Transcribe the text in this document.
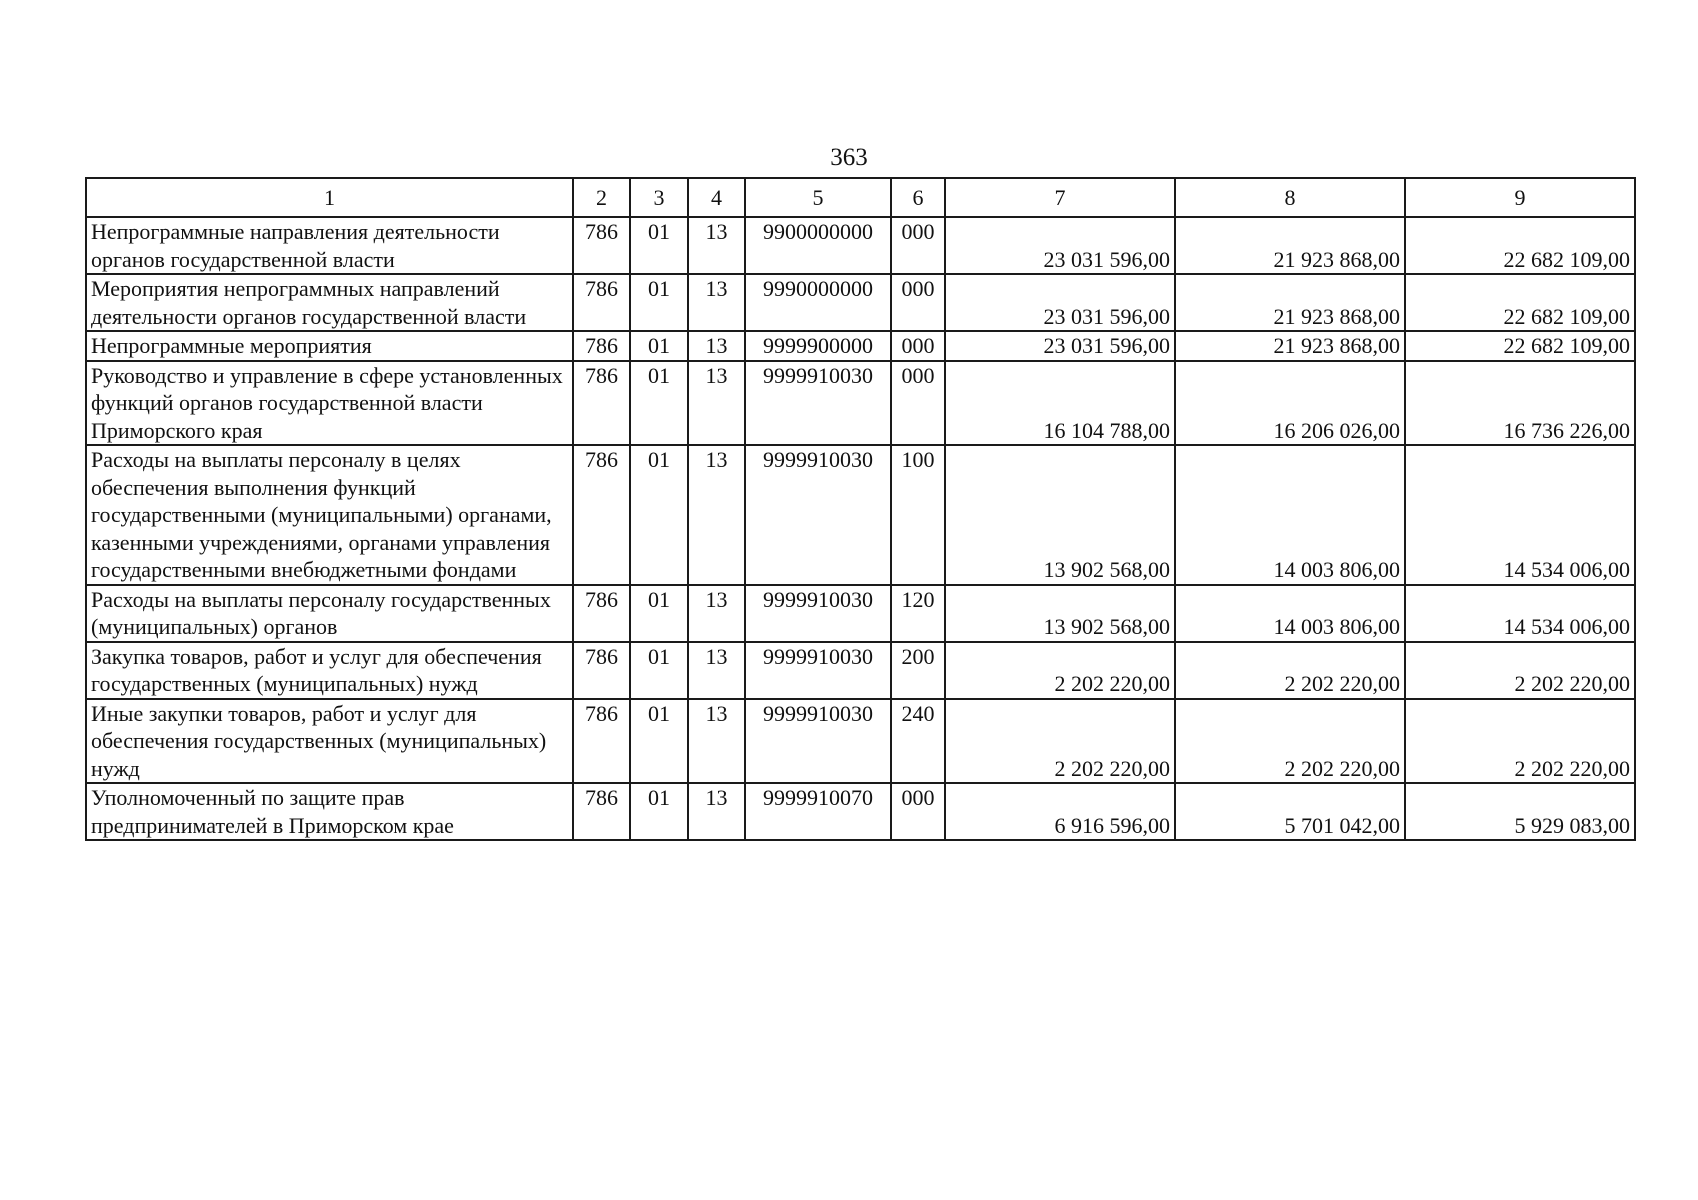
363
1	2	3	4	5	6	7	8	9
Непрограммные направления деятельности органов государственной власти	786	01	13	9900000000	000	23 031 596,00	21 923 868,00	22 682 109,00
Мероприятия непрограммных направлений деятельности органов государственной власти	786	01	13	9990000000	000	23 031 596,00	21 923 868,00	22 682 109,00
Непрограммные мероприятия	786	01	13	9999900000	000	23 031 596,00	21 923 868,00	22 682 109,00
Руководство и управление в сфере установленных функций органов государственной власти Приморского края	786	01	13	9999910030	000	16 104 788,00	16 206 026,00	16 736 226,00
Расходы на выплаты персоналу в целях обеспечения выполнения функций государственными (муниципальными) органами, казенными учреждениями, органами управления государственными внебюджетными фондами	786	01	13	9999910030	100	13 902 568,00	14 003 806,00	14 534 006,00
Расходы на выплаты персоналу государственных (муниципальных) органов	786	01	13	9999910030	120	13 902 568,00	14 003 806,00	14 534 006,00
Закупка товаров, работ и услуг для обеспечения государственных (муниципальных) нужд	786	01	13	9999910030	200	2 202 220,00	2 202 220,00	2 202 220,00
Иные закупки товаров, работ и услуг для обеспечения государственных (муниципальных) нужд	786	01	13	9999910030	240	2 202 220,00	2 202 220,00	2 202 220,00
Уполномоченный по защите прав предпринимателей в Приморском крае	786	01	13	9999910070	000	6 916 596,00	5 701 042,00	5 929 083,00
